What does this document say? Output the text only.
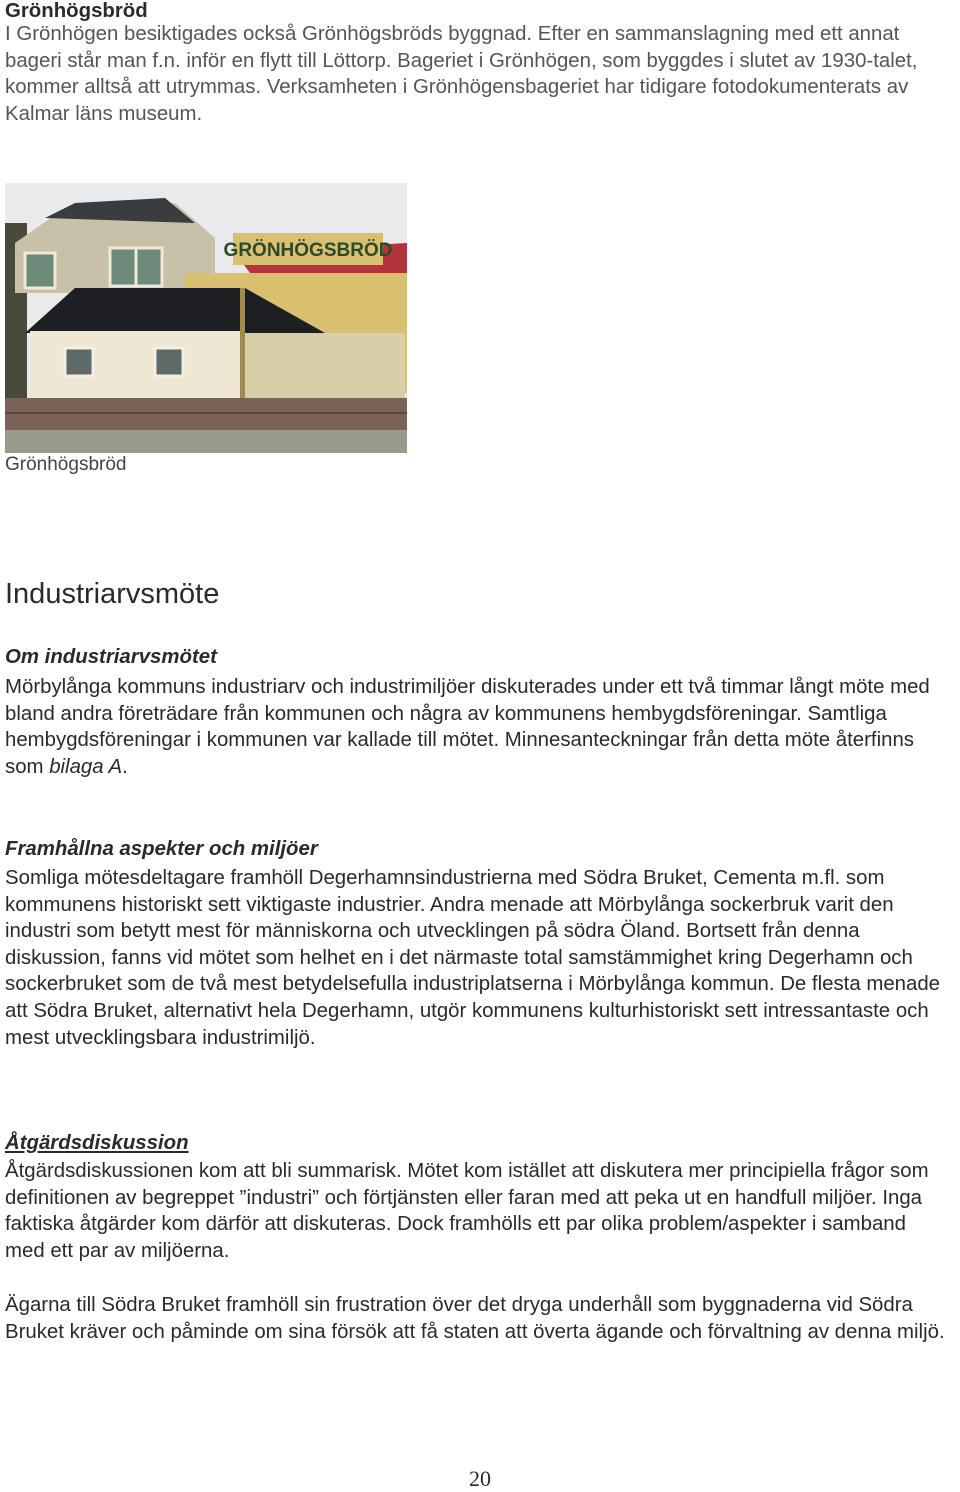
Grönhögsbröd

I Grönhögen besiktigades också Grönhögsbröds byggnad. Efter en sammanslagning med ett annat bageri står man f.n. inför en flytt till Löttorp. Bageriet i Grönhögen, som byggdes i slutet av 1930-talet, kommer alltså att utrymmas. Verksamheten i Grönhögensbageriet har tidigare fotodokumenterats av Kalmar läns museum.

GRÖNHÖGSBRÖD
Grönhögsbröd
Industriarvsmöte
Om industriarvsmötet

Mörbylånga kommuns industriarv och industrimiljöer diskuterades under ett två timmar långt möte med bland andra företrädare från kommunen och några av kommunens hembygdsföreningar. Samtliga hembygdsföreningar i kommunen var kallade till mötet. Minnesanteckningar från detta möte återfinns som bilaga A.

Framhållna aspekter och miljöer

Somliga mötesdeltagare framhöll Degerhamnsindustrierna med Södra Bruket, Cementa m.fl. som kommunens historiskt sett viktigaste industrier. Andra menade att Mörbylånga sockerbruk varit den industri som betytt mest för människorna och utvecklingen på södra Öland. Bortsett från denna diskussion, fanns vid mötet som helhet en i det närmaste total samstämmighet kring Degerhamn och sockerbruket som de två mest betydelsefulla industriplatserna i Mörbylånga kommun. De flesta menade att Södra Bruket, alternativt hela Degerhamn, utgör kommunens kulturhistoriskt sett intressantaste och mest utvecklingsbara industrimiljö.

Åtgärdsdiskussion

Åtgärdsdiskussionen kom att bli summarisk. Mötet kom istället att diskutera mer principiella frågor som definitionen av begreppet ”industri” och förtjänsten eller faran med att peka ut en handfull miljöer. Inga faktiska åtgärder kom därför att diskuteras. Dock framhölls ett par olika problem/aspekter i samband med ett par av miljöerna.

Ägarna till Södra Bruket framhöll sin frustration över det dryga underhåll som byggnaderna vid Södra Bruket kräver och påminde om sina försök att få staten att överta ägande och förvaltning av denna miljö.

20
